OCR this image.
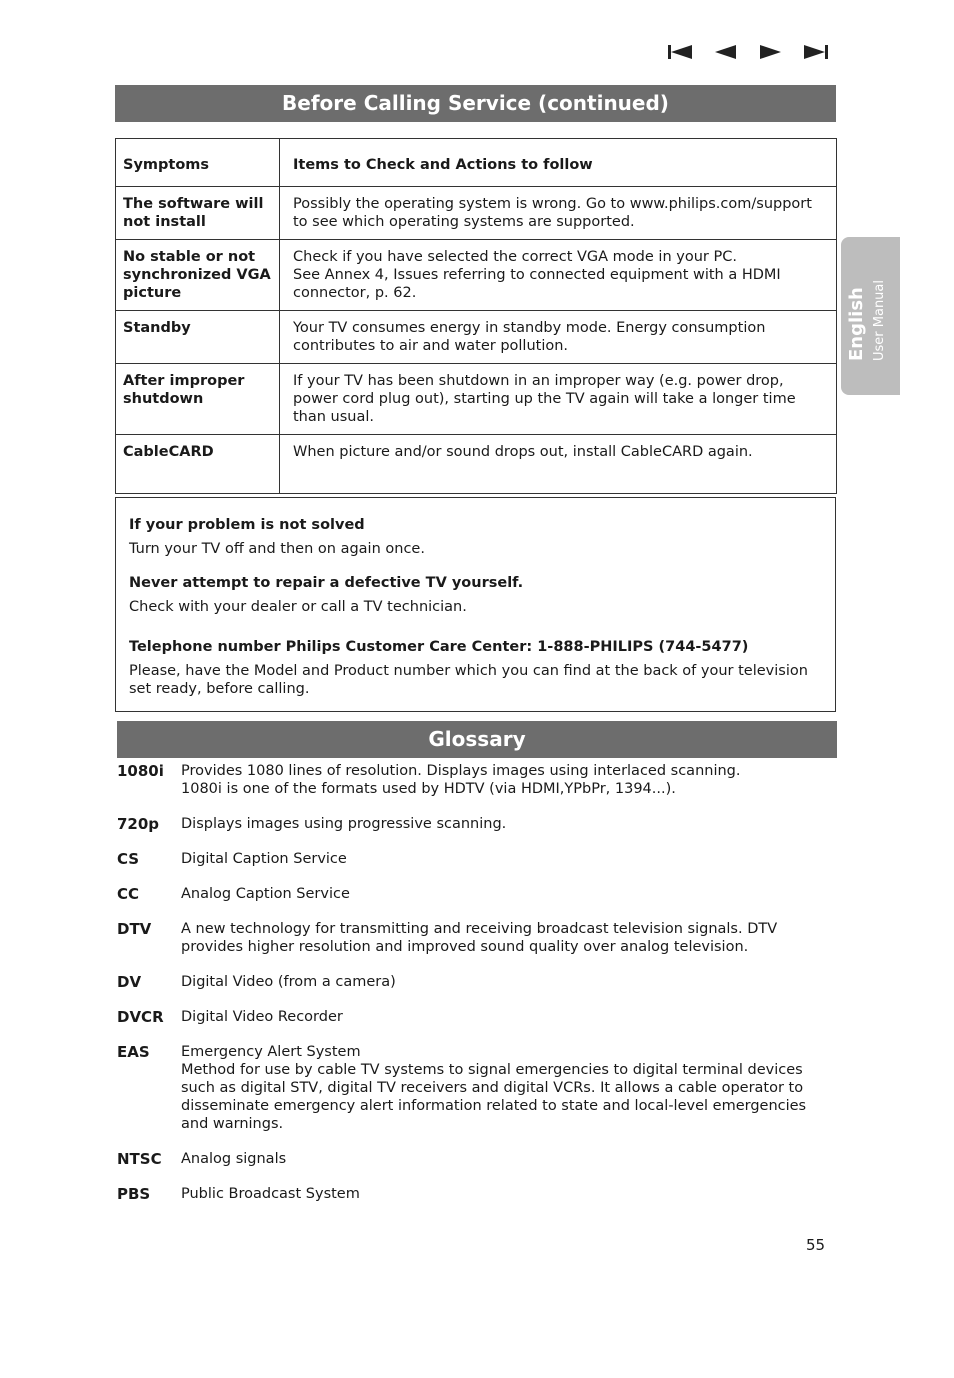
Before Calling Service (continued)
Symptoms	Items to Check and Actions to follow
The software will not install	Possibly the operating system is wrong. Go to www.philips.com/support to see which operating systems are supported.
No stable or not synchronized VGA picture	Check if you have selected the correct VGA mode in your PC.
See Annex 4, Issues referring to connected equipment with a HDMI connector, p. 62.
Standby	Your TV consumes energy in standby mode. Energy consumption contributes to air and water pollution.
After improper shutdown	If your TV has been shutdown in an improper way (e.g. power drop, power cord plug out), starting up the TV again will take a longer time than usual.
CableCARD	When picture and/or sound drops out, install CableCARD again.

If your problem is not solved

Turn your TV off and then on again once.

Never attempt to repair a defective TV yourself.

Check with your dealer or call a TV technician.

Telephone number Philips Customer Care Center: 1-888-PHILIPS (744-5477)

Please, have the Model and Product number which you can find at the back of your television set ready, before calling.

Glossary
1080i	Provides 1080 lines of resolution. Displays images using interlaced scanning.
1080i is one of the formats used by HDTV (via HDMI,YPbPr, 1394...).
720p	Displays images using progressive scanning.
CS	Digital Caption Service
CC	Analog Caption Service
DTV	A new technology for transmitting and receiving broadcast television signals. DTV provides higher resolution and improved sound quality over analog television.
DV	Digital Video (from a camera)
DVCR	Digital Video Recorder
EAS	Emergency Alert System
Method for use by cable TV systems to signal emergencies to digital terminal devices such as digital STV, digital TV receivers and digital VCRs. It allows a cable operator to disseminate emergency alert information related to state and local-level emergencies and warnings.
NTSC	Analog signals
PBS	Public Broadcast System
English User Manual
55
